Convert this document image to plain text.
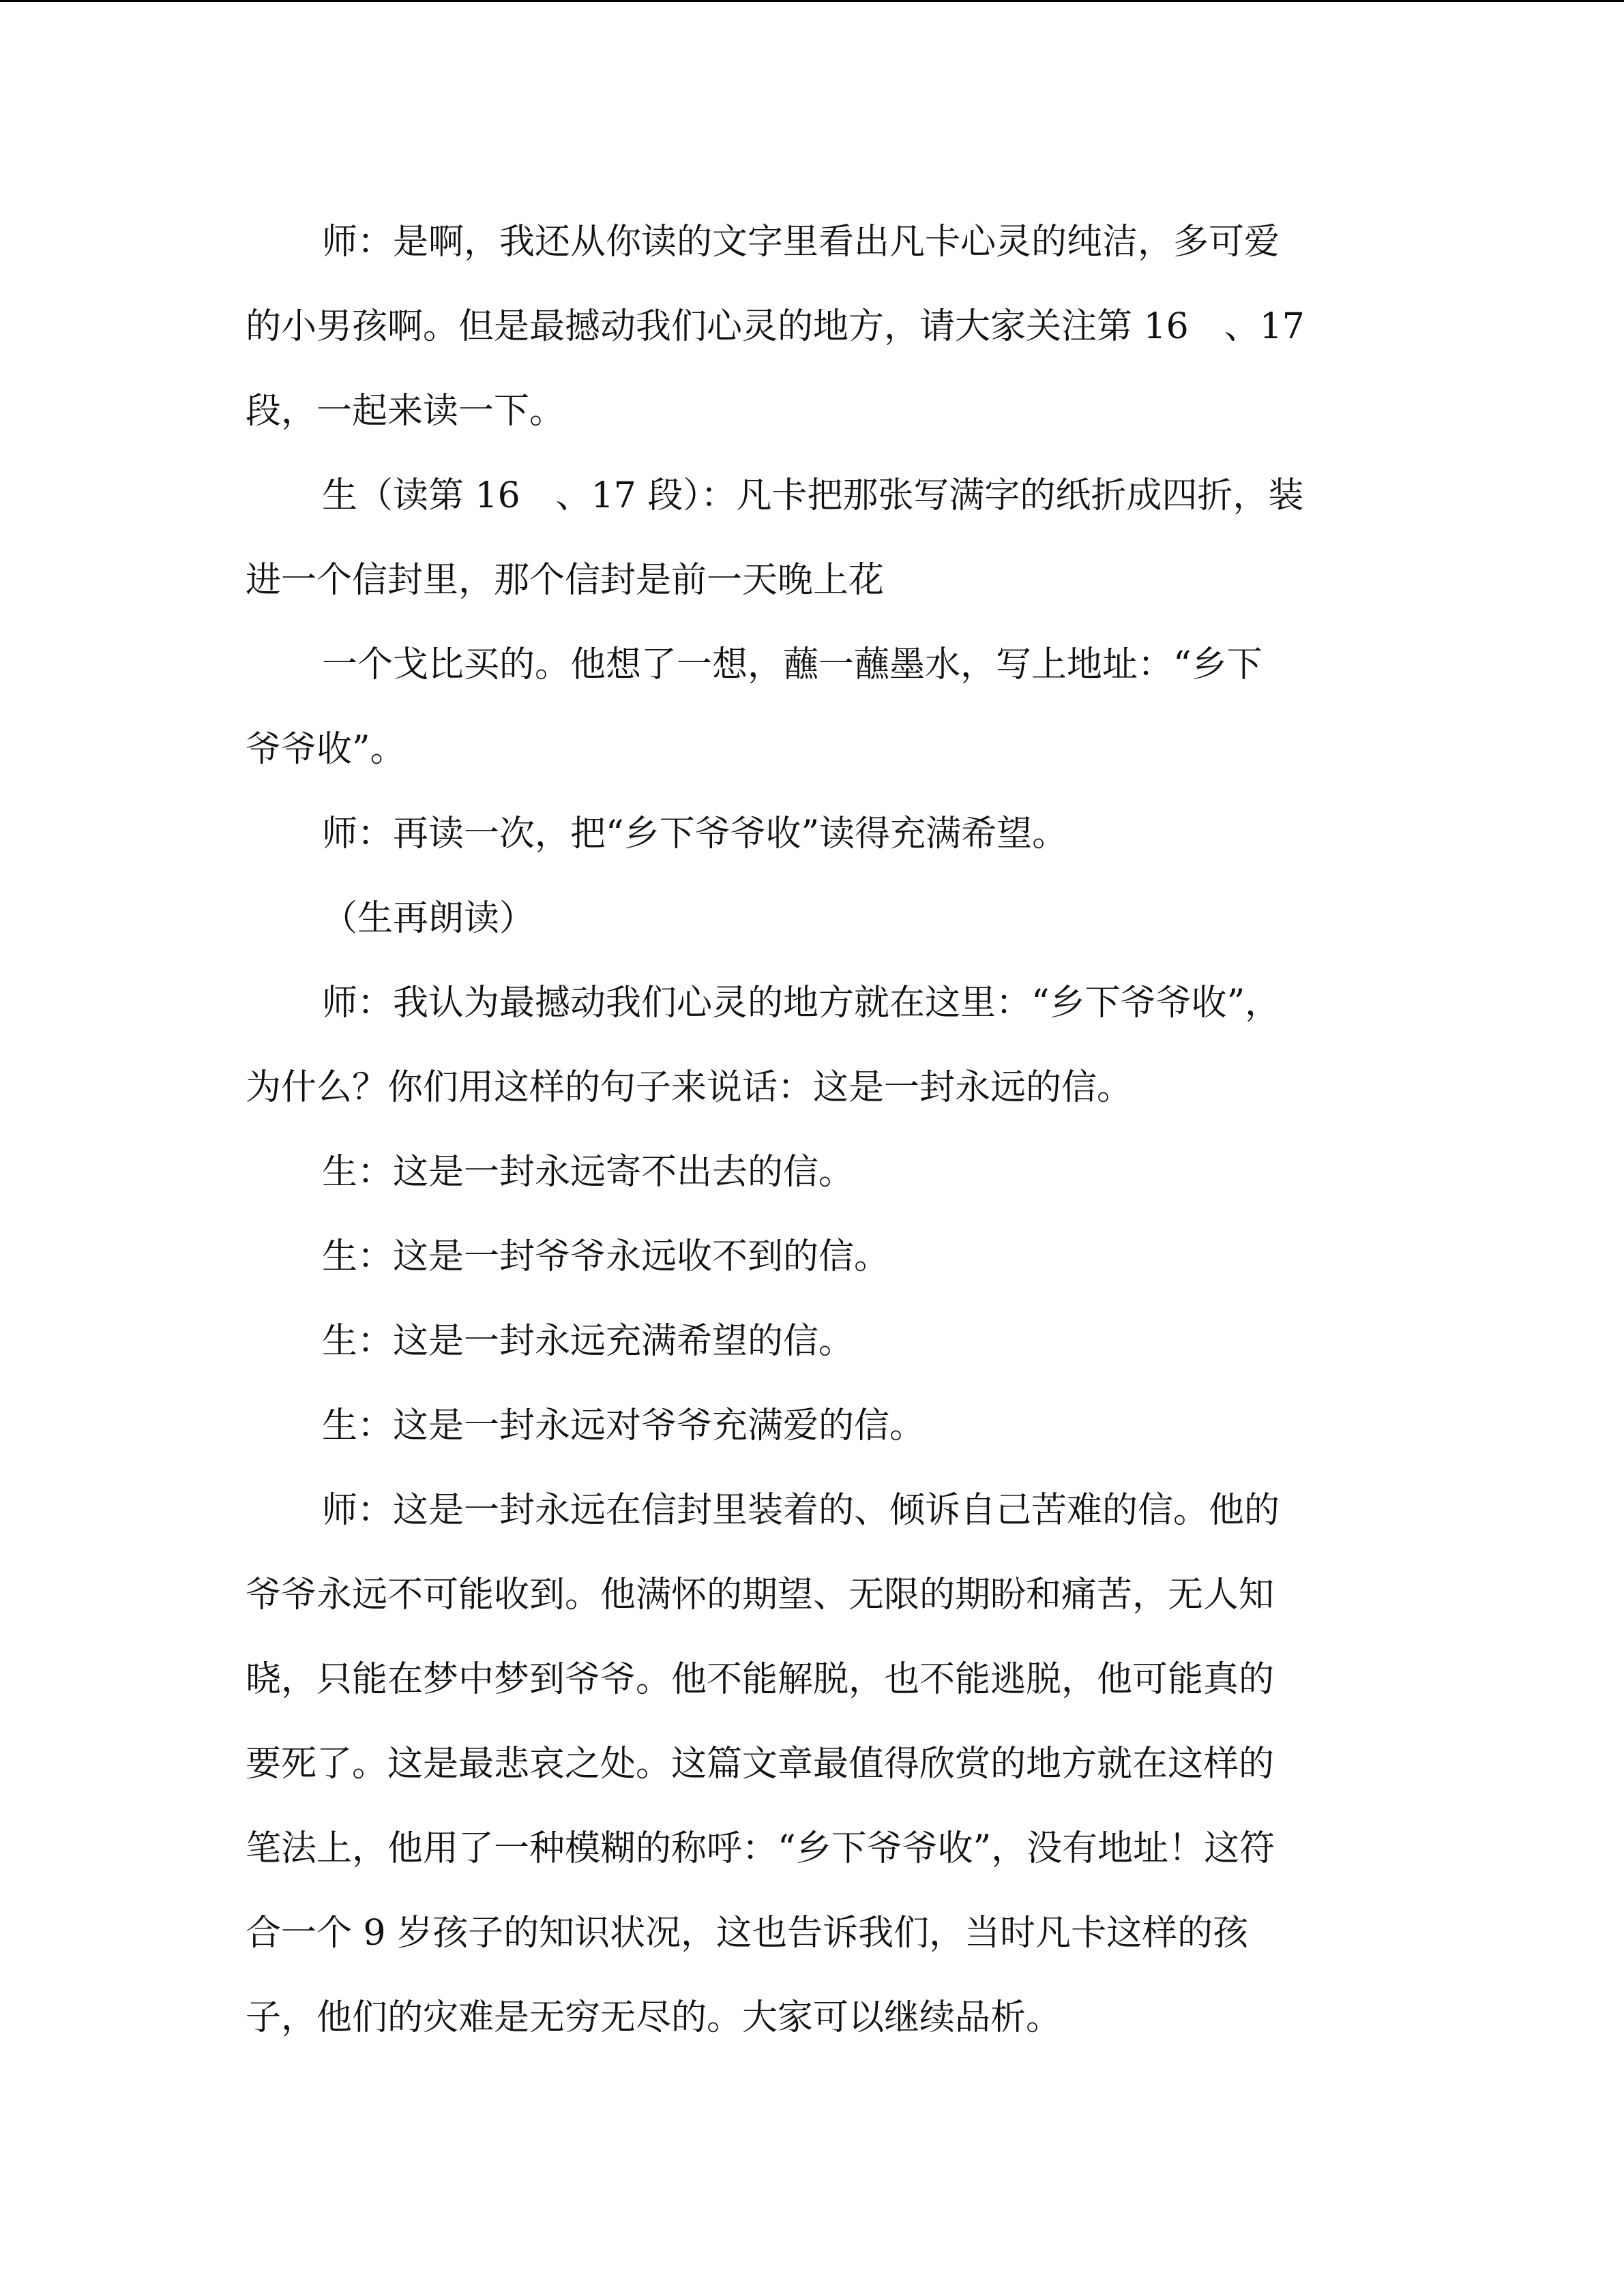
师：是啊，我还从你读的文字里看出凡卡心灵的纯洁，多可爱
的小男孩啊。但是最撼动我们心灵的地方，请大家关注第 16　、17
段，一起来读一下。
生（读第 16　、17 段）：凡卡把那张写满字的纸折成四折，装
进一个信封里，那个信封是前一天晚上花
一个戈比买的。他想了一想，蘸一蘸墨水，写上地址：“乡下
爷爷收”。
师：再读一次，把“乡下爷爷收”读得充满希望。
（生再朗读）
师：我认为最撼动我们心灵的地方就在这里：“乡下爷爷收”，
为什么？你们用这样的句子来说话：这是一封永远的信。
生：这是一封永远寄不出去的信。
生：这是一封爷爷永远收不到的信。
生：这是一封永远充满希望的信。
生：这是一封永远对爷爷充满爱的信。
师：这是一封永远在信封里装着的、倾诉自己苦难的信。他的
爷爷永远不可能收到。他满怀的期望、无限的期盼和痛苦，无人知
晓，只能在梦中梦到爷爷。他不能解脱，也不能逃脱，他可能真的
要死了。这是最悲哀之处。这篇文章最值得欣赏的地方就在这样的
笔法上，他用了一种模糊的称呼：“乡下爷爷收”，没有地址！这符
合一个 9 岁孩子的知识状况，这也告诉我们，当时凡卡这样的孩
子，他们的灾难是无穷无尽的。大家可以继续品析。
